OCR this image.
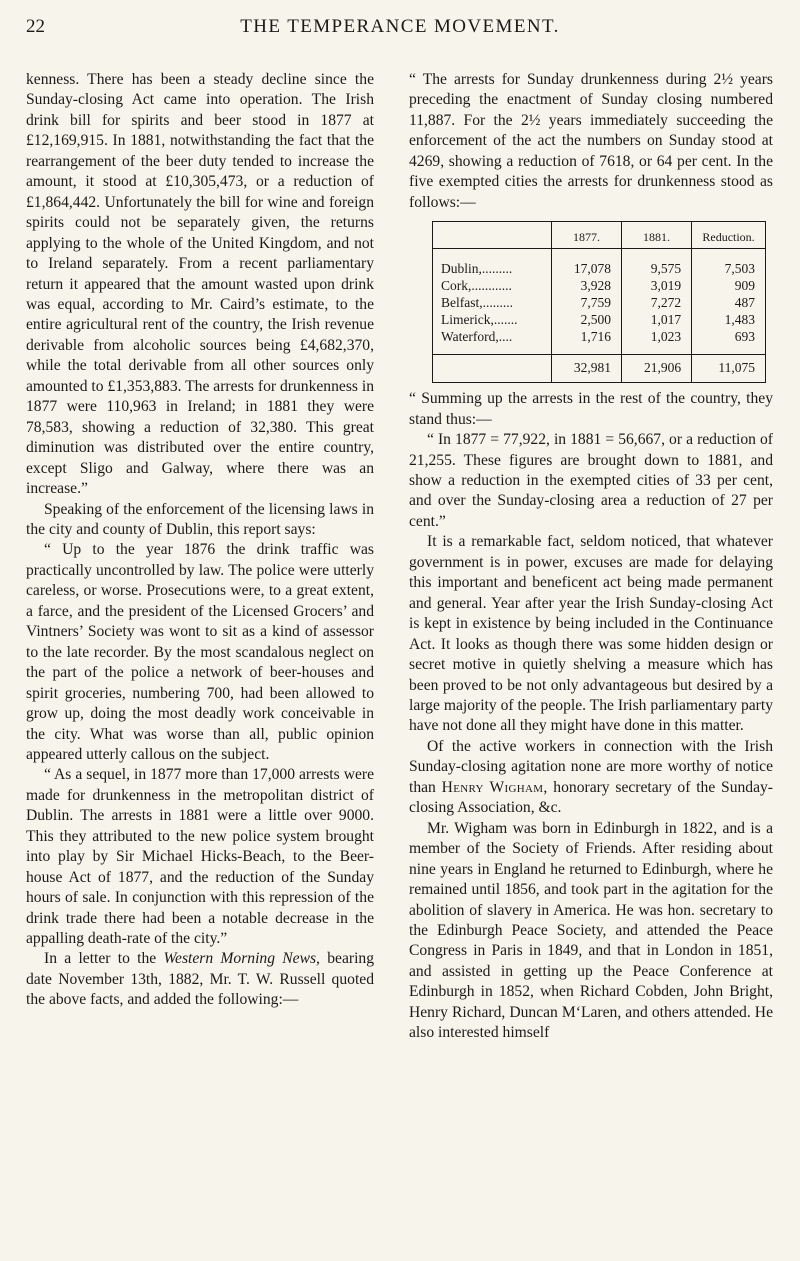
22	THE TEMPERANCE MOVEMENT.

kenness. There has been a steady decline since the Sunday-closing Act came into operation. The Irish drink bill for spirits and beer stood in 1877 at £12,169,915. In 1881, notwithstanding the fact that the rearrangement of the beer duty tended to increase the amount, it stood at £10,305,473, or a reduction of £1,864,442. Unfortunately the bill for wine and foreign spirits could not be separately given, the returns applying to the whole of the United Kingdom, and not to Ireland separately. From a recent parliamentary return it appeared that the amount wasted upon drink was equal, according to Mr. Caird’s estimate, to the entire agricultural rent of the country, the Irish revenue derivable from alcoholic sources being £4,682,370, while the total derivable from all other sources only amounted to £1,353,883. The arrests for drunkenness in 1877 were 110,963 in Ireland; in 1881 they were 78,583, showing a reduction of 32,380. This great diminution was distributed over the entire country, except Sligo and Galway, where there was an increase.”

Speaking of the enforcement of the licensing laws in the city and county of Dublin, this report says:

“ Up to the year 1876 the drink traffic was practically uncontrolled by law. The police were utterly careless, or worse. Prosecutions were, to a great extent, a farce, and the president of the Licensed Grocers’ and Vintners’ Society was wont to sit as a kind of assessor to the late recorder. By the most scandalous neglect on the part of the police a network of beer-houses and spirit groceries, numbering 700, had been allowed to grow up, doing the most deadly work conceivable in the city. What was worse than all, public opinion appeared utterly callous on the subject.

“ As a sequel, in 1877 more than 17,000 arrests were made for drunkenness in the metropolitan district of Dublin. The arrests in 1881 were a little over 9000. This they attributed to the new police system brought into play by Sir Michael Hicks-Beach, to the Beer-house Act of 1877, and the reduction of the Sunday hours of sale. In conjunction with this repression of the drink trade there had been a notable decrease in the appalling death-rate of the city.”

In a letter to the Western Morning News, bearing date November 13th, 1882, Mr. T. W. Russell quoted the above facts, and added the following:—

“ The arrests for Sunday drunkenness during 2½ years preceding the enactment of Sunday closing numbered 11,887. For the 2½ years immediately succeeding the enforcement of the act the numbers on Sunday stood at 4269, showing a reduction of 7618, or 64 per cent. In the five exempted cities the arrests for drunkenness stood as follows:—

	1877.	1881.	Reduction.
Dublin,.........	17,078	9,575	7,503
Cork,............	3,928	3,019	909
Belfast,.........	7,759	7,272	487
Limerick,.......	2,500	1,017	1,483
Waterford,....	1,716	1,023	693
	32,981	21,906	11,075

“ Summing up the arrests in the rest of the country, they stand thus:—

“ In 1877 = 77,922, in 1881 = 56,667, or a reduction of 21,255. These figures are brought down to 1881, and show a reduction in the exempted cities of 33 per cent, and over the Sunday-closing area a reduction of 27 per cent.”

It is a remarkable fact, seldom noticed, that whatever government is in power, excuses are made for delaying this important and beneficent act being made permanent and general. Year after year the Irish Sunday-closing Act is kept in existence by being included in the Continuance Act. It looks as though there was some hidden design or secret motive in quietly shelving a measure which has been proved to be not only advantageous but desired by a large majority of the people. The Irish parliamentary party have not done all they might have done in this matter.

Of the active workers in connection with the Irish Sunday-closing agitation none are more worthy of notice than Henry Wigham, honorary secretary of the Sunday-closing Association, &c.

Mr. Wigham was born in Edinburgh in 1822, and is a member of the Society of Friends. After residing about nine years in England he returned to Edinburgh, where he remained until 1856, and took part in the agitation for the abolition of slavery in America. He was hon. secretary to the Edinburgh Peace Society, and attended the Peace Congress in Paris in 1849, and that in London in 1851, and assisted in getting up the Peace Conference at Edinburgh in 1852, when Richard Cobden, John Bright, Henry Richard, Duncan M‘Laren, and others attended. He also interested himself
